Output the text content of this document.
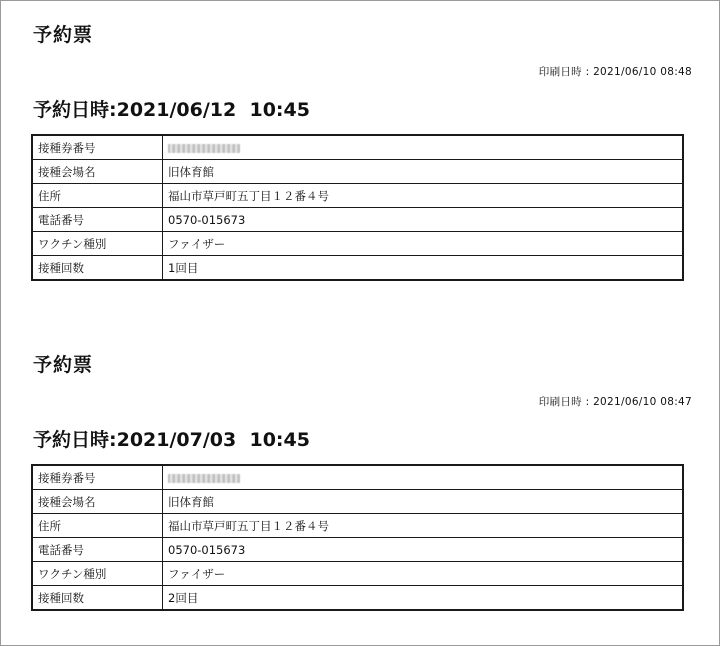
予約票
印刷日時 : 2021/06/10 08:48
予約日時:2021/06/12  10:45
接種券番号	
接種会場名	旧体育館
住所	福山市草戸町五丁目１２番４号
電話番号	0570-015673
ワクチン種別	ファイザー
接種回数	1回目
予約票
印刷日時 : 2021/06/10 08:47
予約日時:2021/07/03  10:45
接種券番号	
接種会場名	旧体育館
住所	福山市草戸町五丁目１２番４号
電話番号	0570-015673
ワクチン種別	ファイザー
接種回数	2回目
